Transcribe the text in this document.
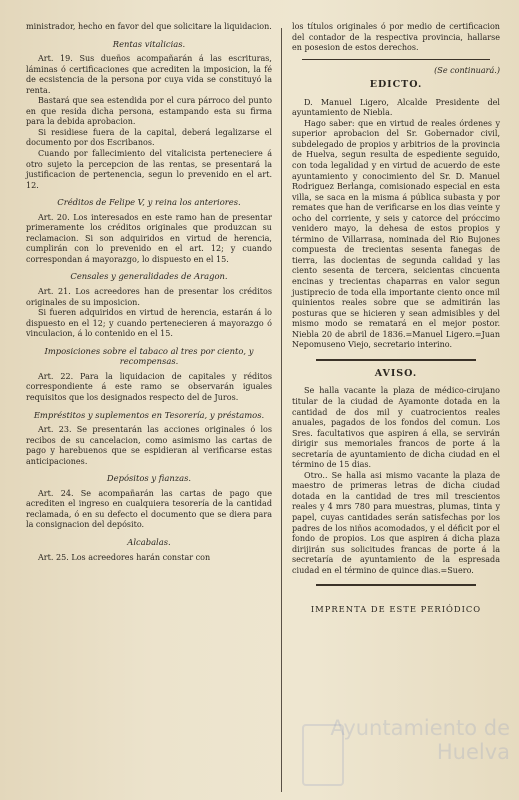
ministrador, hecho en favor del que solicitare la liquidacion.

Rentas vitalicias.

Art. 19. Sus dueños acompañarán á las escrituras, láminas ó certificaciones que acrediten la imposicion, la fé de ecsistencia de la persona por cuya vida se constituyó la renta.

Bastará que sea estendida por el cura párroco del punto en que resida dicha persona, estampando esta su firma para la debida aprobacion.

Si residiese fuera de la capital, deberá legalizarse el documento por dos Escribanos.

Cuando por fallecimiento del vitalicista perteneciere á otro sujeto la percepcion de las rentas, se presentará la justificacion de pertenencia, segun lo prevenido en el art. 12.

Créditos de Felipe V, y reina los anteriores.

Art. 20. Los interesados en este ramo han de presentar primeramente los créditos originales que produzcan su reclamacion. Si son adquiridos en virtud de herencia, cumplirán con lo prevenido en el art. 12; y cuando correspondan á mayorazgo, lo dispuesto en el 15.

Censales y generalidades de Aragon.

Art. 21. Los acreedores han de presentar los créditos originales de su imposicion.

Si fueren adquiridos en virtud de herencia, estarán á lo dispuesto en el 12; y cuando pertenecieren á mayorazgo ó vinculacion, á lo contenido en el 15.

Imposiciones sobre el tabaco al tres por ciento, y recompensas.

Art. 22. Para la liquidacion de capitales y réditos correspondiente á este ramo se observarán iguales requisitos que los designados respecto del de Juros.

Empréstitos y suplementos en Tesorería, y préstamos.

Art. 23. Se presentarán las acciones originales ó los recibos de su cancelacion, como asimismo las cartas de pago y harebuenos que se espidieran al verificarse estas anticipaciones.

Depósitos y fianzas.

Art. 24. Se acompañarán las cartas de pago que acrediten el ingreso en cualquiera tesorería de la cantidad reclamada, ó en su defecto el documento que se diera para la consignacion del depósito.

Alcabalas.

Art. 25. Los acreedores harán constar con

los títulos originales ó por medio de certificacion del contador de la respectiva provincia, hallarse en posesion de estos derechos.

(Se continuará.)
EDICTO.

D. Manuel Ligero, Alcalde Presidente del ayuntamiento de Niebla.

Hago saber: que en virtud de reales órdenes y superior aprobacion del Sr. Gobernador civil, subdelegado de propios y arbitrios de la provincia de Huelva, segun resulta de espediente seguido, con toda legalidad y en virtud de acuerdo de este ayuntamiento y conocimiento del Sr. D. Manuel Rodriguez Berlanga, comisionado especial en esta villa, se saca en la misma á pública subasta y por remates que han de verificarse en los dias veinte y ocho del corriente, y seis y catorce del próccimo venidero mayo, la dehesa de estos propios y término de Villarrasa, nominada del Rio Bujones compuesta de trecientas sesenta fanegas de tierra, las docientas de segunda calidad y las ciento sesenta de tercera, seicientas cincuenta encinas y trecientas chaparras en valor segun justiprecio de toda ella importante ciento once mil quinientos reales sobre que se admitirán las posturas que se hicieren y sean admisibles y del mismo modo se rematará en el mejor postor. Niebla 20 de abril de 1836.=Manuel Ligero.=Juan Nepomuseno Viejo, secretario interino.

AVISO.

Se halla vacante la plaza de médico-cirujano titular de la ciudad de Ayamonte dotada en la cantidad de dos mil y cuatrocientos reales anuales, pagados de los fondos del comun. Los Sres. facultativos que aspiren á ella, se servirán dirigir sus memoriales francos de porte á la secretaría de ayuntamiento de dicha ciudad en el término de 15 dias.

Otro.. Se halla asi mismo vacante la plaza de maestro de primeras letras de dicha ciudad dotada en la cantidad de tres mil trescientos reales y 4 mrs 780 para muestras, plumas, tinta y papel, cuyas cantidades serán satisfechas por los padres de los niños acomodados, y el déficit por el fondo de propios. Los que aspiren á dicha plaza dirijirán sus solicitudes francas de porte á la secretaría de ayuntamiento de la espresada ciudad en el término de quince dias.=Suero.

IMPRENTA DE ESTE PERIÓDICO
Ayuntamiento de Huelva
